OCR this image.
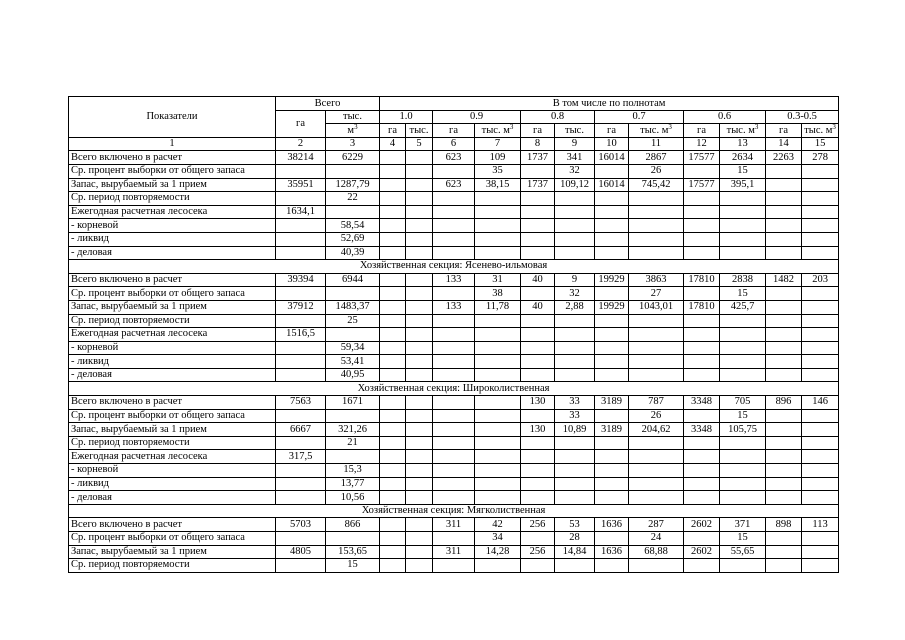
Показатели	Всего		В том числе по полнотам											
	га	тыс.	1.0		0.9		0.8		0.7		0.6		0.3-0.5	
		$м^3$	га	тыс.	га	тыс. $м^3$	га	тыс.	га	тыс. $м^3$	га	тыс. $м^3$	га	тыс. $м^3$
1	2	3	4	5	6	7	8	9	10	11	12	13	14	15
Всего включено в расчет	38214	6229			623	109	1737	341	16014	2867	17577	2634	2263	278
Ср. процент выборки от общего запаса						35		32		26		15		
Запас, вырубаемый за 1 прием	35951	1287,79			623	38,15	1737	109,12	16014	745,42	17577	395,1		
Ср. период повторяемости		22												
Ежегодная расчетная лесосека	1634,1													
- корневой		58,54												
- ликвид		52,69												
- деловая		40,39												
Хозяйственная секция: Ясенево-ильмовая														
Всего включено в расчет	39394	6944			133	31	40	9	19929	3863	17810	2838	1482	203
Ср. процент выборки от общего запаса						38		32		27		15		
Запас, вырубаемый за 1 прием	37912	1483,37			133	11,78	40	2,88	19929	1043,01	17810	425,7		
Ср. период повторяемости		25												
Ежегодная расчетная лесосека	1516,5													
- корневой		59,34												
- ликвид		53,41												
- деловая		40,95												
Хозяйственная секция: Широколиственная														
Всего включено в расчет	7563	1671					130	33	3189	787	3348	705	896	146
Ср. процент выборки от общего запаса								33		26		15		
Запас, вырубаемый за 1 прием	6667	321,26					130	10,89	3189	204,62	3348	105,75		
Ср. период повторяемости		21												
Ежегодная расчетная лесосека	317,5													
- корневой		15,3												
- ликвид		13,77												
- деловая		10,56												
Хозяйственная секция: Мягколиственная														
Всего включено в расчет	5703	866			311	42	256	53	1636	287	2602	371	898	113
Ср. процент выборки от общего запаса						34		28		24		15		
Запас, вырубаемый за 1 прием	4805	153,65			311	14,28	256	14,84	1636	68,88	2602	55,65		
Ср. период повторяемости		15												
